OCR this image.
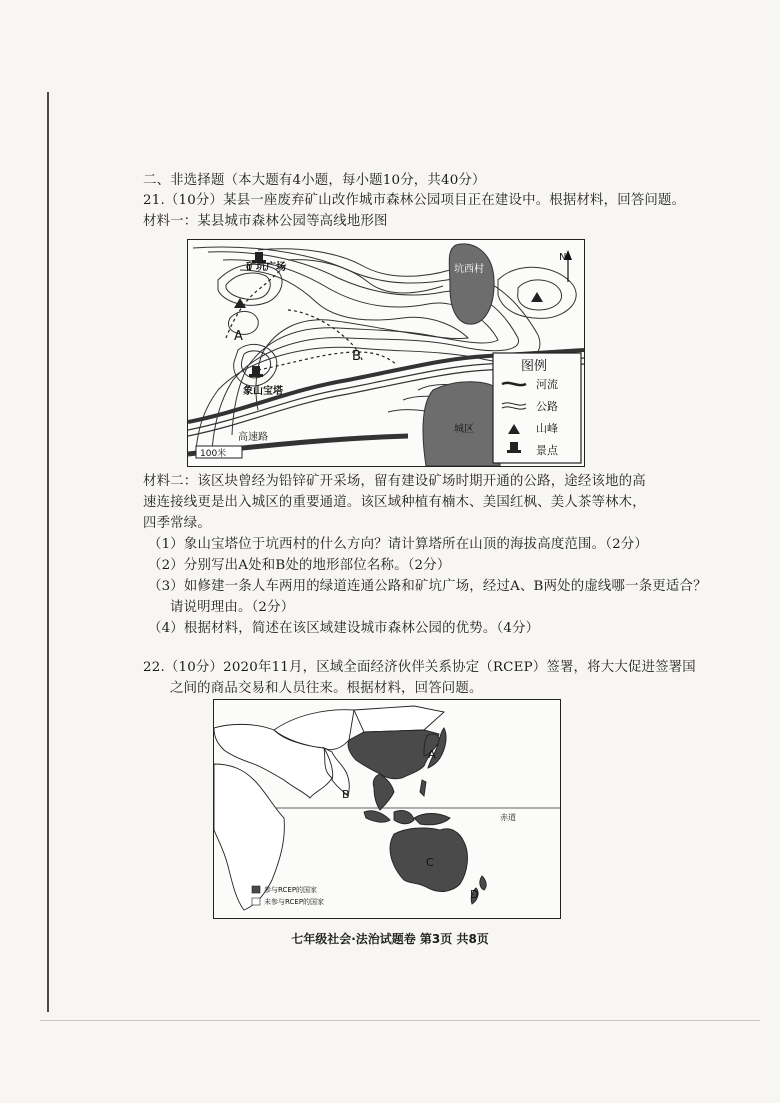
二、非选择题（本大题有4小题，每小题10分，共40分）
21.（10分）某县一座废弃矿山改作城市森林公园项目正在建设中。根据材料，回答问题。
材料一：某县城市森林公园等高线地形图
矿坑广场	坑西村
象山宝塔
高速路
城区
A
B
N
100米
图例
河流
公路
山峰
景点
材料二：该区块曾经为铅锌矿开采场，留有建设矿场时期开通的公路，途经该地的高
速连接线更是出入城区的重要通道。该区域种植有楠木、美国红枫、美人茶等林木，
四季常绿。
（1）象山宝塔位于坑西村的什么方向？请计算塔所在山顶的海拔高度范围。（2分）
（2）分别写出A处和B处的地形部位名称。（2分）
（3）如修建一条人车两用的绿道连通公路和矿坑广场，经过A、B两处的虚线哪一条更适合？
请说明理由。（2分）
（4）根据材料，简述在该区域建设城市森林公园的优势。（4分）
22.（10分）2020年11月，区域全面经济伙伴关系协定（RCEP）签署，将大大促进签署国
之间的商品交易和人员往来。根据材料，回答问题。
赤道
A
B
C
D
参与RCEP的国家
未参与RCEP的国家
七年级社会·法治试题卷 第3页 共8页
